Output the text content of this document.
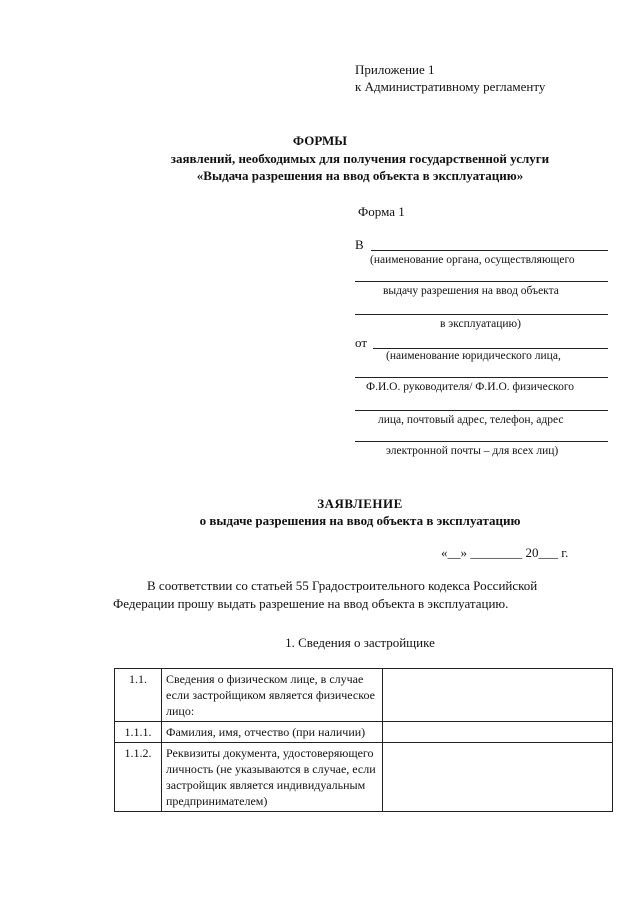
Приложение 1
к Административному регламенту
ФОРМЫ
заявлений, необходимых для получения государственной услуги
«Выдача разрешения на ввод объекта в эксплуатацию»
Форма 1
В
(наименование органа, осуществляющего
выдачу разрешения на ввод объекта
в эксплуатацию)
от
(наименование юридического лица,
Ф.И.О. руководителя/ Ф.И.О. физического
лица, почтовый адрес, телефон, адрес
электронной почты – для всех лиц)
ЗАЯВЛЕНИЕ
о выдаче разрешения на ввод объекта в эксплуатацию
«__» ________ 20___ г.
В соответствии со статьей 55 Градостроительного кодекса Российской
Федерации прошу выдать разрешение на ввод объекта в эксплуатацию.
1. Сведения о застройщике
1.1.	Сведения о физическом лице, в случае если застройщиком является физическое лицо:	
1.1.1.	Фамилия, имя, отчество (при наличии)	
1.1.2.	Реквизиты документа, удостоверяющего личность (не указываются в случае, если застройщик является индивидуальным предпринимателем)	
